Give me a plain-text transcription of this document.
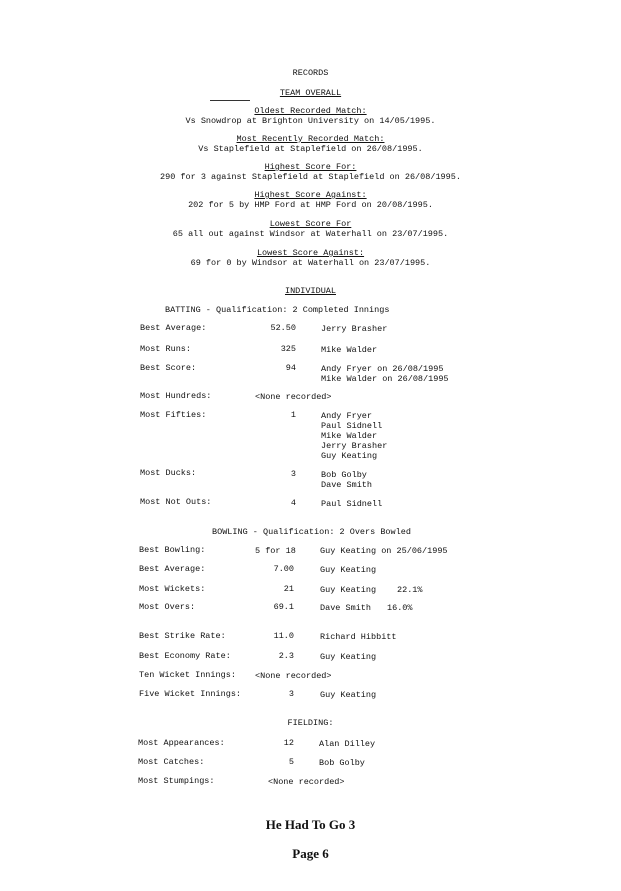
RECORDS
TEAM OVERALL
Oldest Recorded Match:
Vs Snowdrop at Brighton University on 14/05/1995.
Most Recently Recorded Match:
Vs Staplefield at Staplefield on 26/08/1995.
Highest Score For:
290 for 3 against Staplefield at Staplefield on 26/08/1995.
Highest Score Against:
202 for 5 by HMP Ford at HMP Ford on 20/08/1995.
Lowest Score For
65 all out against Windsor at Waterhall on 23/07/1995.
Lowest Score Against:
69 for 0 by Windsor at Waterhall on 23/07/1995.
INDIVIDUAL
BATTING - Qualification: 2 Completed Innings
Best Average:	52.50	Jerry Brasher
Most Runs:	325	Mike Walder
Best Score:	94	Andy Fryer on 26/08/1995
Mike Walder on 26/08/1995
Most Hundreds:	<None recorded>
Most Fifties:	1	Andy Fryer
Paul Sidnell
Mike Walder
Jerry Brasher
Guy Keating
Most Ducks:	3	Bob Golby
Dave Smith
Most Not Outs:	4	Paul Sidnell
BOWLING - Qualification: 2 Overs Bowled
Best Bowling:	5 for 18	Guy Keating on 25/06/1995
Best Average:	7.00	Guy Keating
Most Wickets:	21	Guy Keating 22.1%
Most Overs:	69.1	Dave Smith 16.0%
Best Strike Rate:	11.0	Richard Hibbitt
Best Economy Rate:	2.3	Guy Keating
Ten Wicket Innings: <None recorded>
Five Wicket Innings:	3	Guy Keating
FIELDING:
Most Appearances:	12	Alan Dilley
Most Catches:	5	Bob Golby
Most Stumpings:	<None recorded>
He Had To Go 3
Page 6
